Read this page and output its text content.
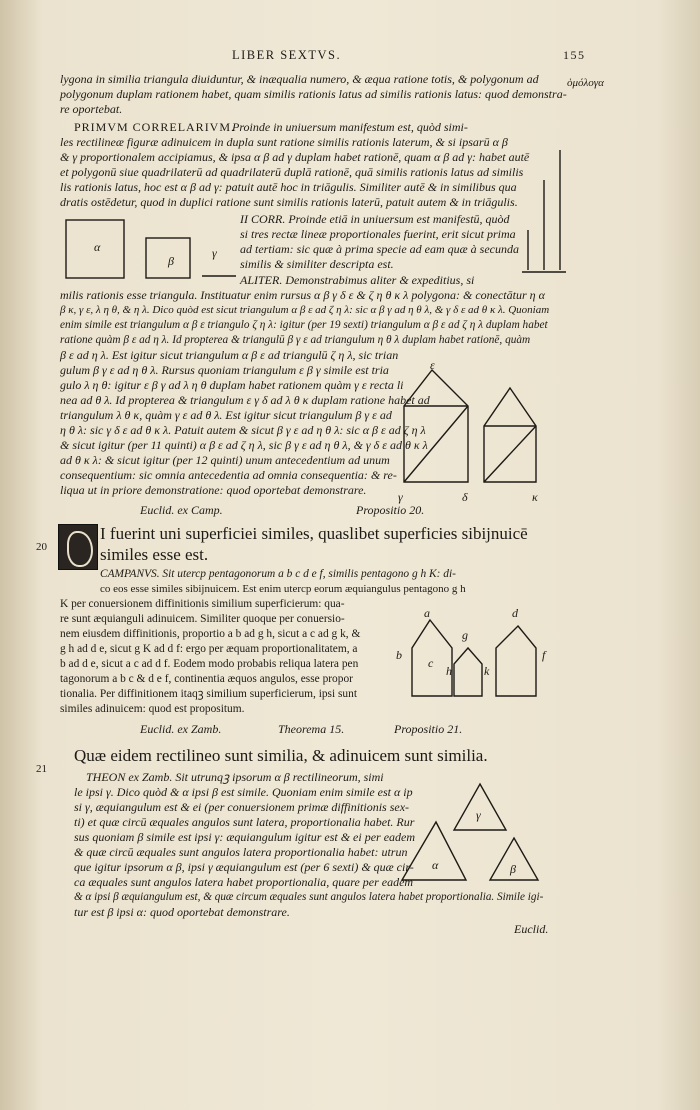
LIBER SEXTVS.	155
ὁμόλογα
lygona in similia triangula diuiduntur, & inæqualia numero, & æqua ratione totis, & polygonum ad
polygonum duplam rationem habet, quam similis rationis latus ad similis rationis latus: quod demonstra-
re oportebat.
PRIMVM CORRELARIVM.
Proinde in uniuersum manifestum est, quòd simi-
les rectilineæ figuræ adinuicem in dupla sunt ratione similis rationis laterum, & si ipsarū α β
& γ proportionalem accipiamus, & ipsa α β ad γ duplam habet rationē, quam α β ad γ: habet autē
et polygonū siue quadrilaterū ad quadrilaterū duplā rationē, quā similis rationis latus ad similis
lis rationis latus, hoc est α β ad γ: patuit autē hoc in triāgulis. Similiter autē & in similibus qua
dratis ostēdetur, quod in duplici ratione sunt similis rationis laterū, patuit autem & in triāgulis.
α
β
γ
II CORR. Proinde etiā in uniuersum est manifestū, quòd
si tres rectæ lineæ proportionales fuerint, erit sicut prima
ad tertiam: sic quæ à prima specie ad eam quæ à secunda
similis & similiter descripta est.
ALITER. Demonstrabimus aliter & expeditius, si
milis rationis esse triangula. Instituatur enim rursus α β γ δ ε & ζ η θ κ λ polygona: & conectātur η α
β κ, γ ε, λ η θ, & η λ. Dico quòd est sicut triangulum α β ε ad ζ η λ: sic α β γ ad η θ λ, & γ δ ε ad θ κ λ. Quoniam
enim simile est triangulum α β ε triangulo ζ η λ: igitur (per 19 sexti) triangulum α β ε ad ζ η λ duplam habet
ratione quàm β ε ad η λ. Id propterea & triangulū β γ ε ad triangulum η θ λ duplam habet rationē, quàm
β ε ad η λ. Est igitur sicut triangulum α β ε ad triangulū ζ η λ, sic trian
gulum β γ ε ad η θ λ. Rursus quoniam triangulum ε β γ simile est tria
gulo λ η θ: igitur ε β γ ad λ η θ duplam habet rationem quàm γ ε recta li
nea ad θ λ. Id propterea & triangulum ε γ δ ad λ θ κ duplam ratione habet ad
triangulum λ θ κ, quàm γ ε ad θ λ. Est igitur sicut triangulum β γ ε ad
η θ λ: sic γ δ ε ad θ κ λ. Patuit autem & sicut β γ ε ad η θ λ: sic α β ε ad ζ η λ
& sicut igitur (per 11 quinti) α β ε ad ζ η λ, sic β γ ε ad η θ λ, & γ δ ε ad θ κ λ
ad θ κ λ: & sicut igitur (per 12 quinti) unum antecedentium ad unum
consequentium: sic omnia antecedentia ad omnia consequentia: & re-
liqua ut in priore demonstratione: quod oportebat demonstrare.	γ	δ	κ
ε
Euclid. ex Camp.	Propositio 20.
20
I fuerint uni superficiei similes, quaslibet superficies sibijnuicē
similes esse est.
CAMPANVS. Sit utercp pentagonorum a b c d e f, similis pentagono g h K: di-
co eos esse similes sibijnuicem. Est enim utercp eorum æquiangulus pentagono g h
K per conuersionem diffinitionis similium superficierum: qua-
re sunt æquianguli adinuicem. Similiter quoque per conuersio-
nem eiusdem diffinitionis, proportio a b ad g h, sicut a c ad g k, &
g h ad d e, sicut g K ad d f: ergo per æquam proportionalitatem, a
b ad d e, sicut a c ad d f. Eodem modo probabis reliqua latera pen
tagonorum a b c & d e f, continentia æquos angulos, esse propor
tionalia. Per diffinitionem itaqꝫ similium superficierum, ipsi sunt
similes adinuicem: quod est propositum.
a
b
c
g
h	k
d
f
Euclid. ex Zamb.	Theorema 15.	Propositio 21.
21
Quæ eidem rectilineo sunt similia, & adinuicem sunt similia.
THEON ex Zamb. Sit utrunqꝫ ipsorum α β rectilineorum, simi
le ipsi γ. Dico quòd & α ipsi β est simile. Quoniam enim simile est α ip
si γ, æquiangulum est & ei (per conuersionem primæ diffinitionis sex-
ti) et quæ circū æquales angulos sunt latera, proportionalia habet. Rur
sus quoniam β simile est ipsi γ: æquiangulum igitur est & ei per eadem
& quæ circū æquales sunt angulos latera proportionalia habet: utrun
que igitur ipsorum α β, ipsi γ æquiangulum est (per 6 sexti) & quæ cir-
ca æquales sunt angulos latera habet proportionalia, quare per eadem
& α ipsi β æquiangulum est, & quæ circum æquales sunt angulos latera habet proportionalia. Simile igi-
tur est β ipsi α: quod oportebat demonstrare.
γ
α	β
Euclid.
